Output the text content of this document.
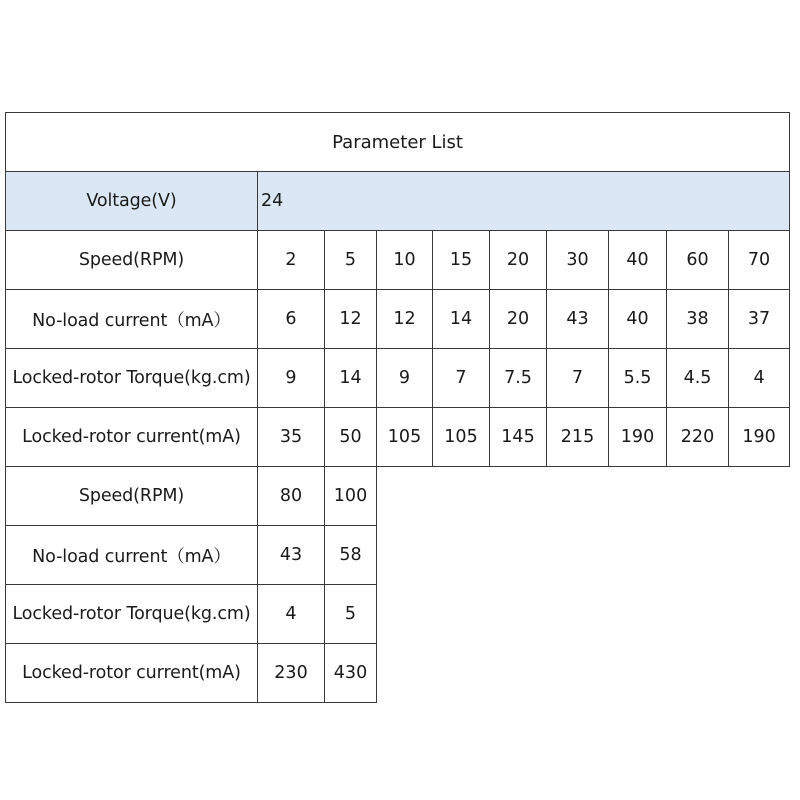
Parameter List									
Voltage(V)	24								
Speed(RPM)	2	5	10	15	20	30	40	60	70
No-load current（mA）	6	12	12	14	20	43	40	38	37
Locked-rotor Torque(kg.cm)	9	14	9	7	7.5	7	5.5	4.5	4
Locked-rotor current(mA)	35	50	105	105	145	215	190	220	190
Speed(RPM)	80	100							
No-load current（mA）	43	58							
Locked-rotor Torque(kg.cm)	4	5							
Locked-rotor current(mA)	230	430							
